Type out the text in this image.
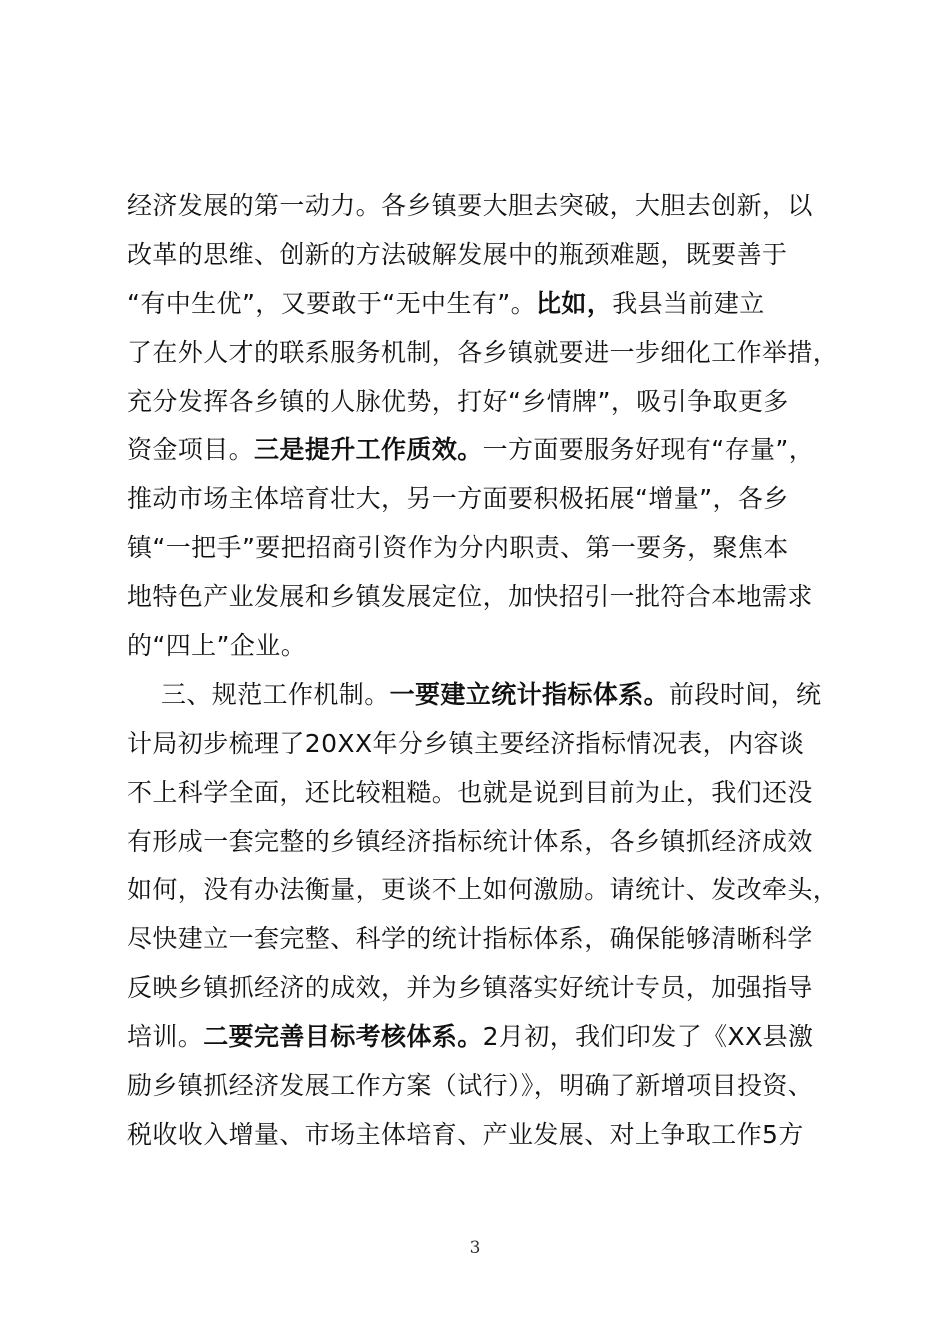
经济发展的第一动力。各乡镇要大胆去突破，大胆去创新，以
改革的思维、创新的方法破解发展中的瓶颈难题，既要善于
“有中生优”，又要敢于“无中生有”。比如，我县当前建立
了在外人才的联系服务机制，各乡镇就要进一步细化工作举措，
充分发挥各乡镇的人脉优势，打好“乡情牌”，吸引争取更多
资金项目。三是提升工作质效。一方面要服务好现有“存量”，
推动市场主体培育壮大，另一方面要积极拓展“增量”，各乡
镇“一把手”要把招商引资作为分内职责、第一要务，聚焦本
地特色产业发展和乡镇发展定位，加快招引一批符合本地需求
的“四上”企业。
三、规范工作机制。一要建立统计指标体系。前段时间，统
计局初步梳理了20XX年分乡镇主要经济指标情况表，内容谈
不上科学全面，还比较粗糙。也就是说到目前为止，我们还没
有形成一套完整的乡镇经济指标统计体系，各乡镇抓经济成效
如何，没有办法衡量，更谈不上如何激励。请统计、发改牵头，
尽快建立一套完整、科学的统计指标体系，确保能够清晰科学
反映乡镇抓经济的成效，并为乡镇落实好统计专员，加强指导
培训。二要完善目标考核体系。2月初，我们印发了《XX县激
励乡镇抓经济发展工作方案（试行）》，明确了新增项目投资、
税收收入增量、市场主体培育、产业发展、对上争取工作5方
3
